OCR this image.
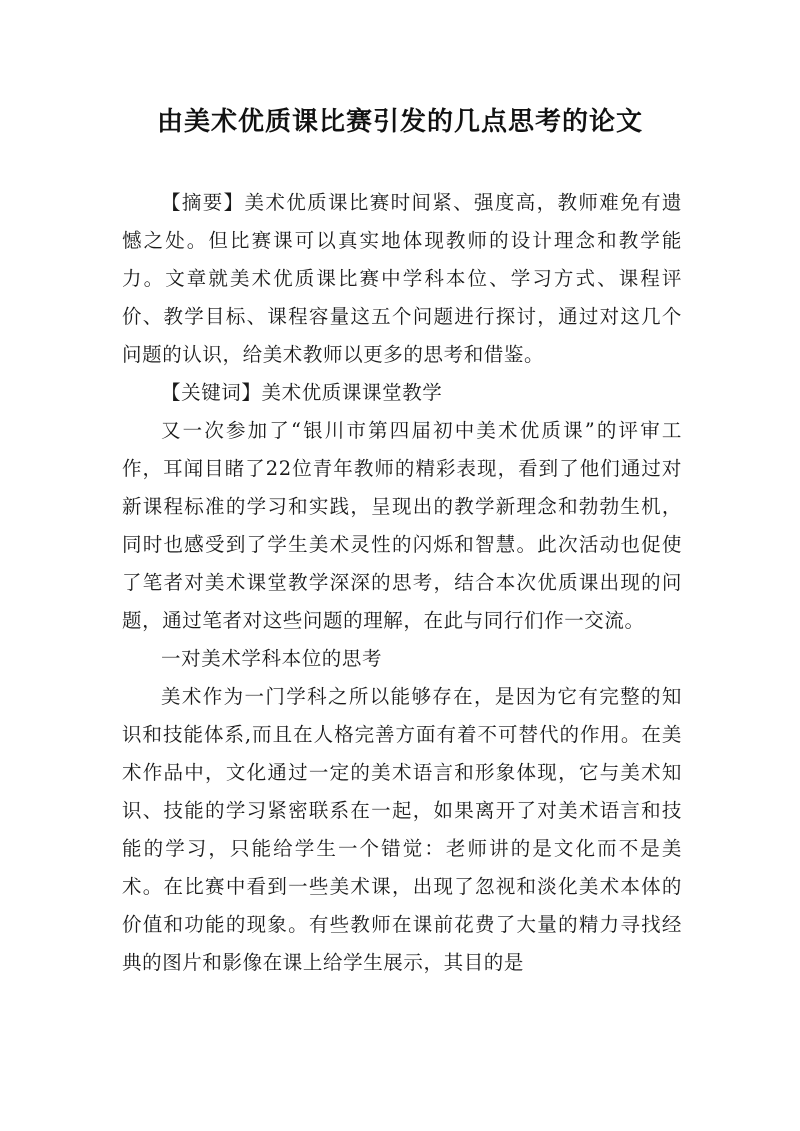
由美术优质课比赛引发的几点思考的论文

【摘要】美术优质课比赛时间紧、强度高，教师难免有遗憾之处。但比赛课可以真实地体现教师的设计理念和教学能力。文章就美术优质课比赛中学科本位、学习方式、课程评价、教学目标、课程容量这五个问题进行探讨，通过对这几个问题的认识，给美术教师以更多的思考和借鉴。

【关键词】美术优质课课堂教学

又一次参加了“银川市第四届初中美术优质课”的评审工作，耳闻目睹了22位青年教师的精彩表现，看到了他们通过对新课程标准的学习和实践，呈现出的教学新理念和勃勃生机，同时也感受到了学生美术灵性的闪烁和智慧。此次活动也促使了笔者对美术课堂教学深深的思考，结合本次优质课出现的问题，通过笔者对这些问题的理解，在此与同行们作一交流。

一对美术学科本位的思考

美术作为一门学科之所以能够存在，是因为它有完整的知识和技能体系,而且在人格完善方面有着不可替代的作用。在美术作品中，文化通过一定的美术语言和形象体现，它与美术知识、技能的学习紧密联系在一起，如果离开了对美术语言和技能的学习，只能给学生一个错觉：老师讲的是文化而不是美术。在比赛中看到一些美术课，出现了忽视和淡化美术本体的价值和功能的现象。有些教师在课前花费了大量的精力寻找经典的图片和影像在课上给学生展示，其目的是
